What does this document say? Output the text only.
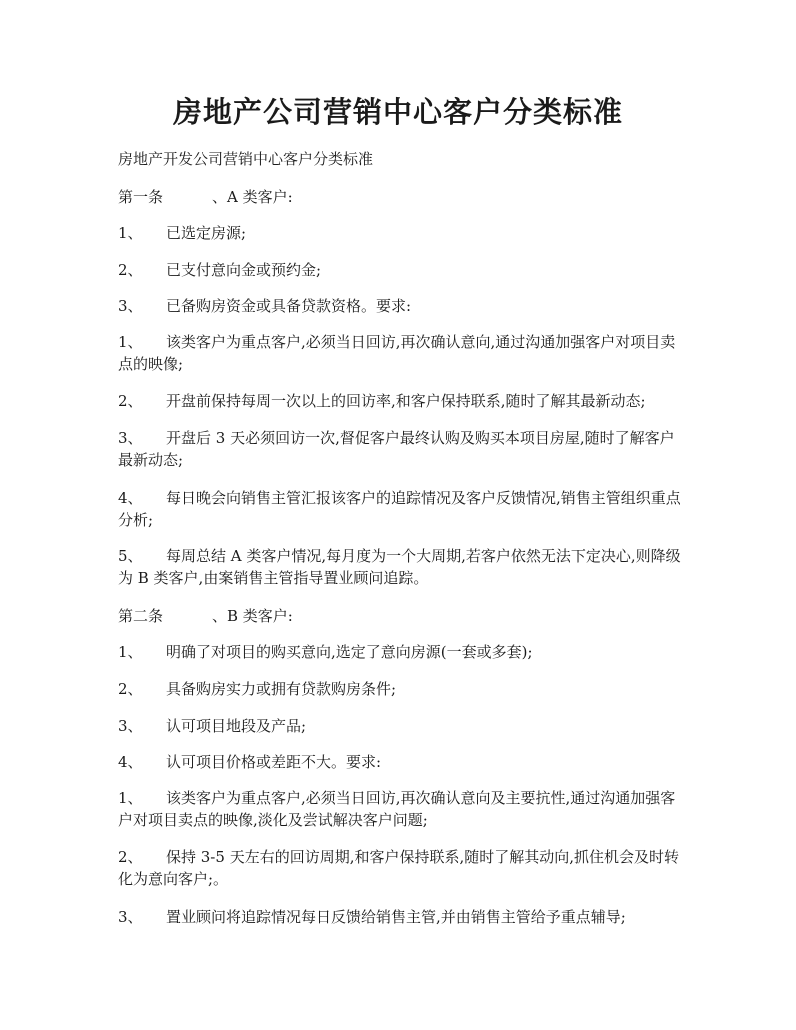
房地产公司营销中心客户分类标准
房地产开发公司营销中心客户分类标准
第一条	、A 类客户:
1、 已选定房源;
2、 已支付意向金或预约金;
3、 已备购房资金或具备贷款资格。要求:
1、 该类客户为重点客户,必须当日回访,再次确认意向,通过沟通加强客户对项目卖点的映像;
2、 开盘前保持每周一次以上的回访率,和客户保持联系,随时了解其最新动态;
3、 开盘后 3 天必须回访一次,督促客户最终认购及购买本项目房屋,随时了解客户最新动态;
4、 每日晚会向销售主管汇报该客户的追踪情况及客户反馈情况,销售主管组织重点分析;
5、 每周总结 A 类客户情况,每月度为一个大周期,若客户依然无法下定决心,则降级为 B 类客户,由案销售主管指导置业顾问追踪。
第二条	、B 类客户:
1、 明确了对项目的购买意向,选定了意向房源(一套或多套);
2、 具备购房实力或拥有贷款购房条件;
3、 认可项目地段及产品;
4、 认可项目价格或差距不大。要求:
1、 该类客户为重点客户,必须当日回访,再次确认意向及主要抗性,通过沟通加强客户对项目卖点的映像,淡化及尝试解决客户问题;
2、 保持 3-5 天左右的回访周期,和客户保持联系,随时了解其动向,抓住机会及时转化为意向客户;。
3、 置业顾问将追踪情况每日反馈给销售主管,并由销售主管给予重点辅导;
